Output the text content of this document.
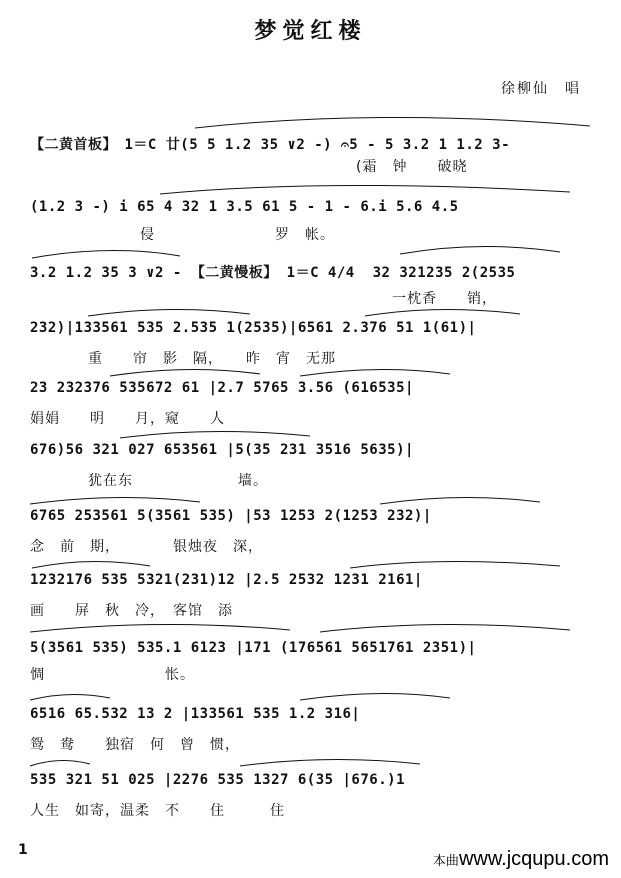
梦觉红楼
徐柳仙　唱
【二黄首板】　1＝C 廿(5 5 1.2 35 ∨2 -) 𝄐5 - 5 3.2 1 1.2 3-
(霜　钟　　破晓
(1.2 3 -) i 65 4 32 1 3.5 61 5 - 1 - 6.i 5.6 4.5
侵　　　　　　　　罗　帐。
3.2 1.2 35 3 ∨2 - 【二黄慢板】 1＝C 4/4  32 321235 2(2535
一枕香　　销，
232)|133561 535 2.535 1(2535)|6561 2.376 51 1(61)|
重　　帘　影　隔，　　昨　宵　无那
23 232376 535672 61 |2.7 5765 3.56 (616535|
娟娟　　明　　月，窥　　人
676)56 321 027 653561 |5(35 231 3516 5635)|
犹在东　　　　　　　墙。
6765 253561 5(3561 535) |53 1253 2(1253 232)|
念　前　期，　　　　银烛夜　深，
1232176 535 5321(231)12 |2.5 2532 1231 2161|
画　　屏　秋　冷，　客馆　添
5(3561 535) 535.1 6123 |171 (176561 5651761 2351)|
惆　　　　　　　　怅。
6516 65.532 13 2 |133561 535 1.2 316|
鸳　鸯　　独宿　何　曾　惯，
535 321 51 025 |2276 535 1327 6(35 |676.)1
人生　如寄，温柔　不　　住　　　住
1
本曲www.jcqupu.com
